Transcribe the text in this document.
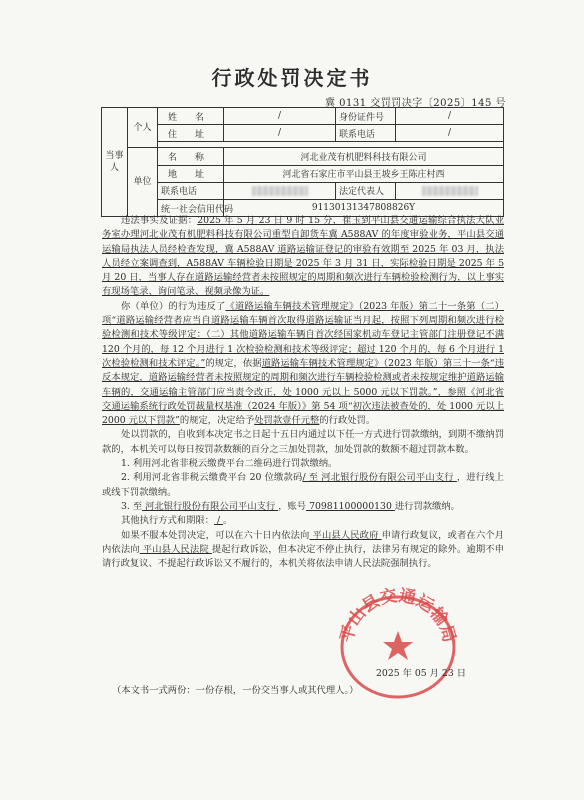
行政处罚决定书
冀 0131 交罚罚决字〔2025〕145 号
当事人	个人	姓名	/	身份证件号	/
		住址	/	联系电话	/

	单位	名称	河北业茂有机肥料科技有限公司		
		地址	河北省石家庄市平山县王坡乡王陈庄村西		
		联系电话		法定代表人	
		统一社会信用代码	91130131347808826Y		

违法事实及证据：2025 年 5 月 23 日 9 时 15 分，崔玉到平山县交通运输综合执法大队业务室办理河北业茂有机肥料科技有限公司重型自卸货车冀 A588AV 的年度审验业务，平山县交通运输局执法人员经检查发现，冀 A588AV 道路运输证登记的审验有效期至 2025 年 03 月，执法人员经立案调查到，A588AV 车辆检验日期是 2025 年 3 月 31 日，实际检验日期是 2025 年 5 月 20 日，当事人存在道路运输经营者未按照规定的周期和频次进行车辆检验检测行为，以上事实有现场笔录、询问笔录、视频录像为证。

你（单位）的行为违反了《道路运输车辆技术管理规定》（2023 年版）第二十一条第（二）项“道路运输经营者应当自道路运输车辆首次取得道路运输证当月起，按照下列周期和频次进行检验检测和技术等级评定：（二）其他道路运输车辆自首次经国家机动车登记主管部门注册登记不满 120 个月的，每 12 个月进行 1 次检验检测和技术等级评定；超过 120 个月的，每 6 个月进行 1 次检验检测和技术评定。”的规定，依据道路运输车辆技术管理规定》（2023 年版）第三十一条“违反本规定，道路运输经营者未按照规定的周期和频次进行车辆检验检测或者未按规定维护道路运输车辆的，交通运输主管部门应当责令改正，处 1000 元以上 5000 元以下罚款。”，参照《河北省交通运输系统行政处罚裁量权基准（2024 年版）》第 54 项“初次违法被查处的，处 1000 元以上 2000 元以下罚款”的规定，决定给予处罚款壹仟元整的行政处罚。

处以罚款的，自收到本决定书之日起十五日内通过以下任一方式进行罚款缴纳，到期不缴纳罚款的，本机关可以每日按罚款数额的百分之三加处罚款，加处罚款的数额不超过罚款本数。

1. 利用河北省非税云缴费平台二维码进行罚款缴纳。

2. 利用河北省非税云缴费平台 20 位缴款码/ 至 河北银行股份有限公司平山支行 ，进行线上或线下罚款缴纳。

3. 至 河北银行股份有限公司平山支行 ，账号 70981100000130 进行罚款缴纳。

其他执行方式和期限： / 。

如果不服本处罚决定，可以在六十日内依法向 平山县人民政府 申请行政复议，或者在六个月内依法向 平山县人民法院 提起行政诉讼，但本决定不停止执行，法律另有规定的除外。逾期不申请行政复议、不提起行政诉讼又不履行的，本机关将依法申请人民法院强制执行。

平山县交通运输局
2025 年 05 月 23 日
（本文书一式两份：一份存根，一份交当事人或其代理人。）
